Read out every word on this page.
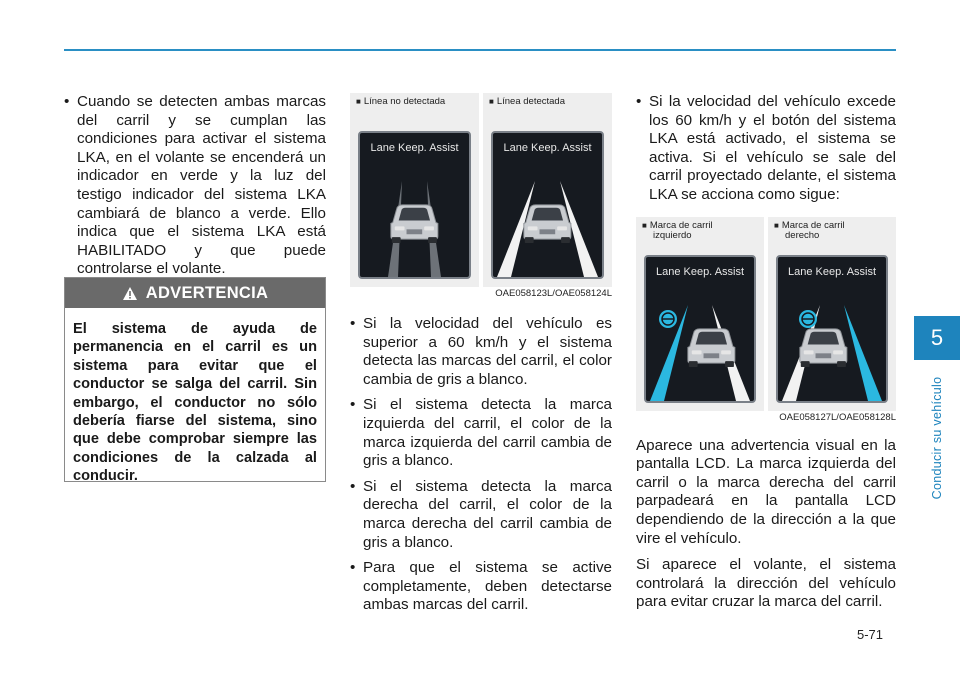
• Cuando se detecten ambas marcas del carril y se cumplan las condiciones para activar el sistema LKA, en el volante se encenderá un indicador en verde y la luz del testigo indicador del sistema LKA cambiará de blanco a verde. Ello indica que el sistema LKA está HABILITADO y que puede controlarse el volante.

ADVERTENCIA

El sistema de ayuda de permanencia en el carril es un sistema para evitar que el conductor se salga del carril. Sin embargo, el conductor no sólo debería fiarse del sistema, sino que debe comprobar siempre las condiciones de la calzada al conducir.

■ Línea no detectada
Lane Keep. Assist
■ Línea detectada
Lane Keep. Assist
OAE058123L/OAE058124L

• Si la velocidad del vehículo es superior a 60 km/h y el sistema detecta las marcas del carril, el color cambia de gris a blanco.

• Si el sistema detecta la marca izquierda del carril, el color de la marca izquierda del carril cambia de gris a blanco.

• Si el sistema detecta la marca derecha del carril, el color de la marca derecha del carril cambia de gris a blanco.

• Para que el sistema se active completamente, deben detectarse ambas marcas del carril.

• Si la velocidad del vehículo excede los 60 km/h y el botón del sistema LKA está activado, el sistema se activa. Si el vehículo se sale del carril proyectado delante, el sistema LKA se acciona como sigue:

■ Marca de carril
izquierdo
Lane Keep. Assist
■ Marca de carril
derecho
Lane Keep. Assist
OAE058127L/OAE058128L

Aparece una advertencia visual en la pantalla LCD. La marca izquierda del carril o la marca derecha del carril parpadeará en la pantalla LCD dependiendo de la dirección a la que vire el vehículo.

Si aparece el volante, el sistema controlará la dirección del vehículo para evitar cruzar la marca del carril.

5
Conducir su vehículo
5-71
